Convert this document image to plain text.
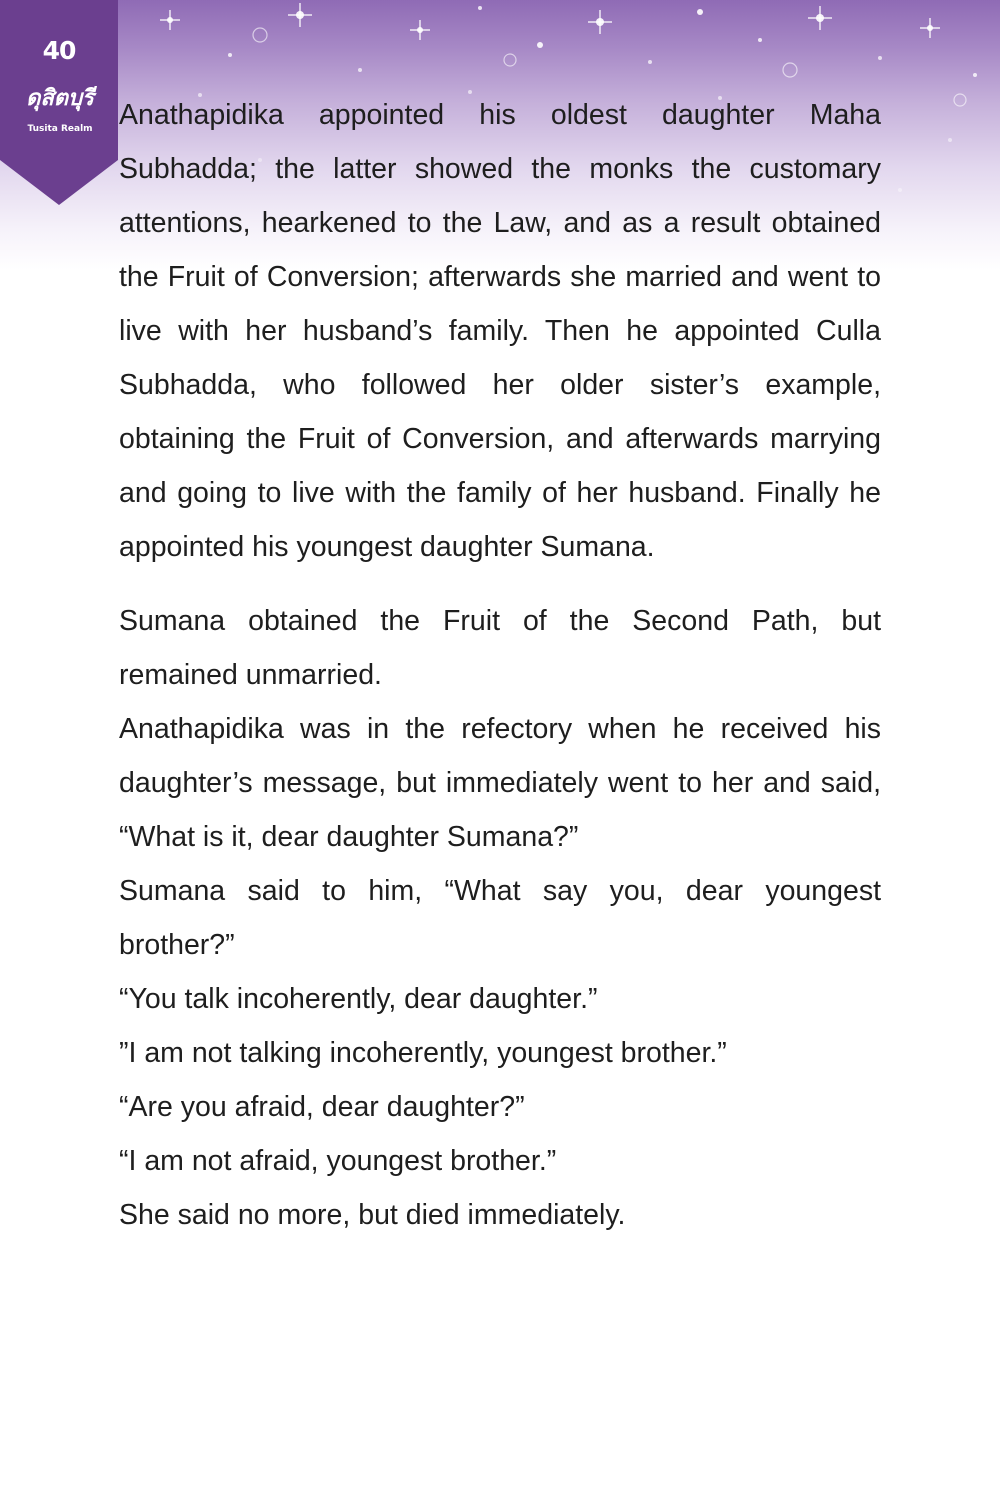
40
ดุสิตบุรี
Tusita Realm Anathapidika appointed his oldest daughter Maha Subhadda; the latter showed the monks the customary attentions, hearkened to the Law, and as a result obtained the Fruit of Conversion; afterwards she married and went to live with her husband’s family. Then he appointed Culla Subhadda, who followed her older sister’s example, obtaining the Fruit of Conversion, and afterwards marrying and going to live with the family of her husband. Finally he appointed his youngest daughter Sumana.

Sumana obtained the Fruit of the Second Path, but remained unmarried.

Anathapidika was in the refectory when he received his daughter’s message, but immediately went to her and said, “What is it, dear daughter Sumana?”

Sumana said to him, “What say you, dear youngest brother?”

“You talk incoherently, dear daughter.”

”I am not talking incoherently, youngest brother.”

“Are you afraid, dear daughter?”

“I am not afraid, youngest brother.”

She said no more, but died immediately.
